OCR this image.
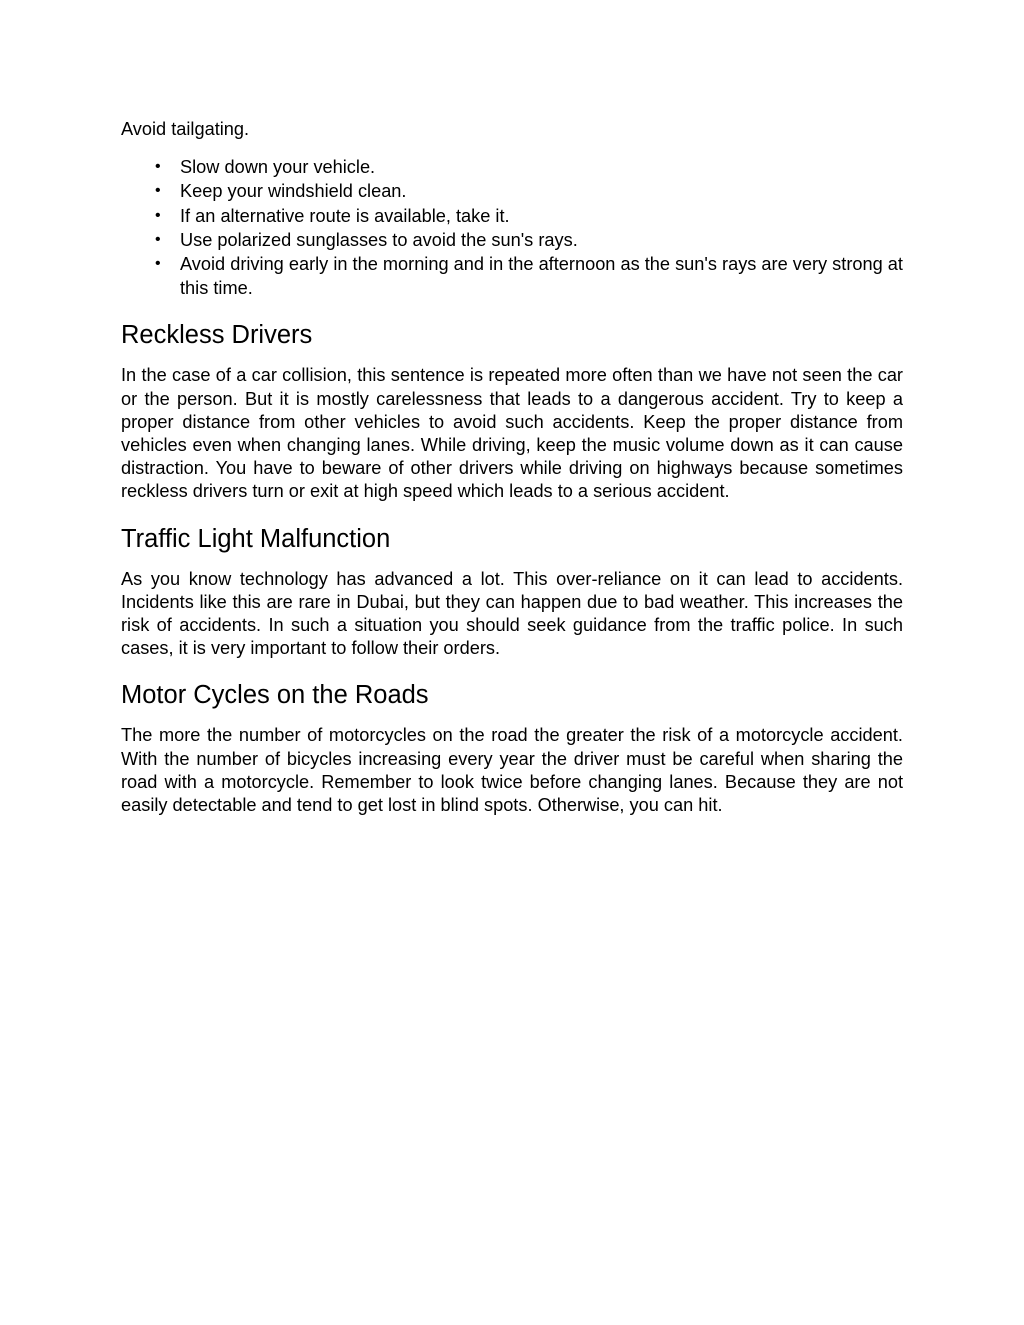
Avoid tailgating.

• Slow down your vehicle.
• Keep your windshield clean.
• If an alternative route is available, take it.
• Use polarized sunglasses to avoid the sun's rays.
• Avoid driving early in the morning and in the afternoon as the sun's rays are very strong at this time.
Reckless Drivers

In the case of a car collision, this sentence is repeated more often than we have not seen the car or the person. But it is mostly carelessness that leads to a dangerous accident. Try to keep a proper distance from other vehicles to avoid such accidents. Keep the proper distance from vehicles even when changing lanes. While driving, keep the music volume down as it can cause distraction. You have to beware of other drivers while driving on highways because sometimes reckless drivers turn or exit at high speed which leads to a serious accident.

Traffic Light Malfunction

As you know technology has advanced a lot. This over-reliance on it can lead to accidents. Incidents like this are rare in Dubai, but they can happen due to bad weather. This increases the risk of accidents. In such a situation you should seek guidance from the traffic police. In such cases, it is very important to follow their orders.

Motor Cycles on the Roads

The more the number of motorcycles on the road the greater the risk of a motorcycle accident. With the number of bicycles increasing every year the driver must be careful when sharing the road with a motorcycle. Remember to look twice before changing lanes. Because they are not easily detectable and tend to get lost in blind spots. Otherwise, you can hit.
